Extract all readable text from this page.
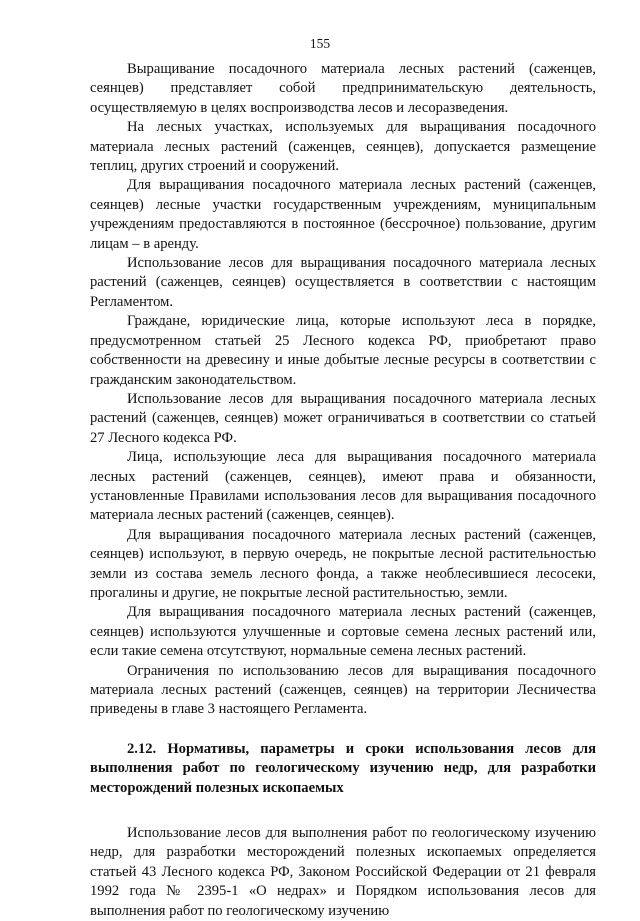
155

Выращивание посадочного материала лесных растений (саженцев, сеянцев) представляет собой предпринимательскую деятельность, осуществляемую в целях воспроизводства лесов и лесоразведения.

На лесных участках, используемых для выращивания посадочного материала лесных растений (саженцев, сеянцев), допускается размещение теплиц, других строений и сооружений.

Для выращивания посадочного материала лесных растений (саженцев, сеянцев) лесные участки государственным учреждениям, муниципальным учреждениям предоставляются в постоянное (бессрочное) пользование, другим лицам – в аренду.

Использование лесов для выращивания посадочного материала лесных растений (саженцев, сеянцев) осуществляется в соответствии с настоящим Регламентом.

Граждане, юридические лица, которые используют леса в порядке, предусмотренном статьей 25 Лесного кодекса РФ, приобретают право собственности на древесину и иные добытые лесные ресурсы в соответствии с гражданским законодательством.

Использование лесов для выращивания посадочного материала лесных растений (саженцев, сеянцев) может ограничиваться в соответствии со статьей 27 Лесного кодекса РФ.

Лица, использующие леса для выращивания посадочного материала лесных растений (саженцев, сеянцев), имеют права и обязанности, установленные Правилами использования лесов для выращивания посадочного материала лесных растений (саженцев, сеянцев).

Для выращивания посадочного материала лесных растений (саженцев, сеянцев) используют, в первую очередь, не покрытые лесной растительностью земли из состава земель лесного фонда, а также необлесившиеся лесосеки, прогалины и другие, не покрытые лесной растительностью, земли.

Для выращивания посадочного материала лесных растений (саженцев, сеянцев) используются улучшенные и сортовые семена лесных растений или, если такие семена отсутствуют, нормальные семена лесных растений.

Ограничения по использованию лесов для выращивания посадочного материала лесных растений (саженцев, сеянцев) на территории Лесничества приведены в главе 3 настоящего Регламента.

2.12. Нормативы, параметры и сроки использования лесов для выполнения работ по геологическому изучению недр, для разработки месторождений полезных ископаемых

Использование лесов для выполнения работ по геологическому изучению недр, для разработки месторождений полезных ископаемых определяется статьей 43 Лесного кодекса РФ, Законом Российской Федерации от 21 февраля 1992 года № 2395-1 «О недрах» и Порядком использования лесов для выполнения работ по геологическому изучению
